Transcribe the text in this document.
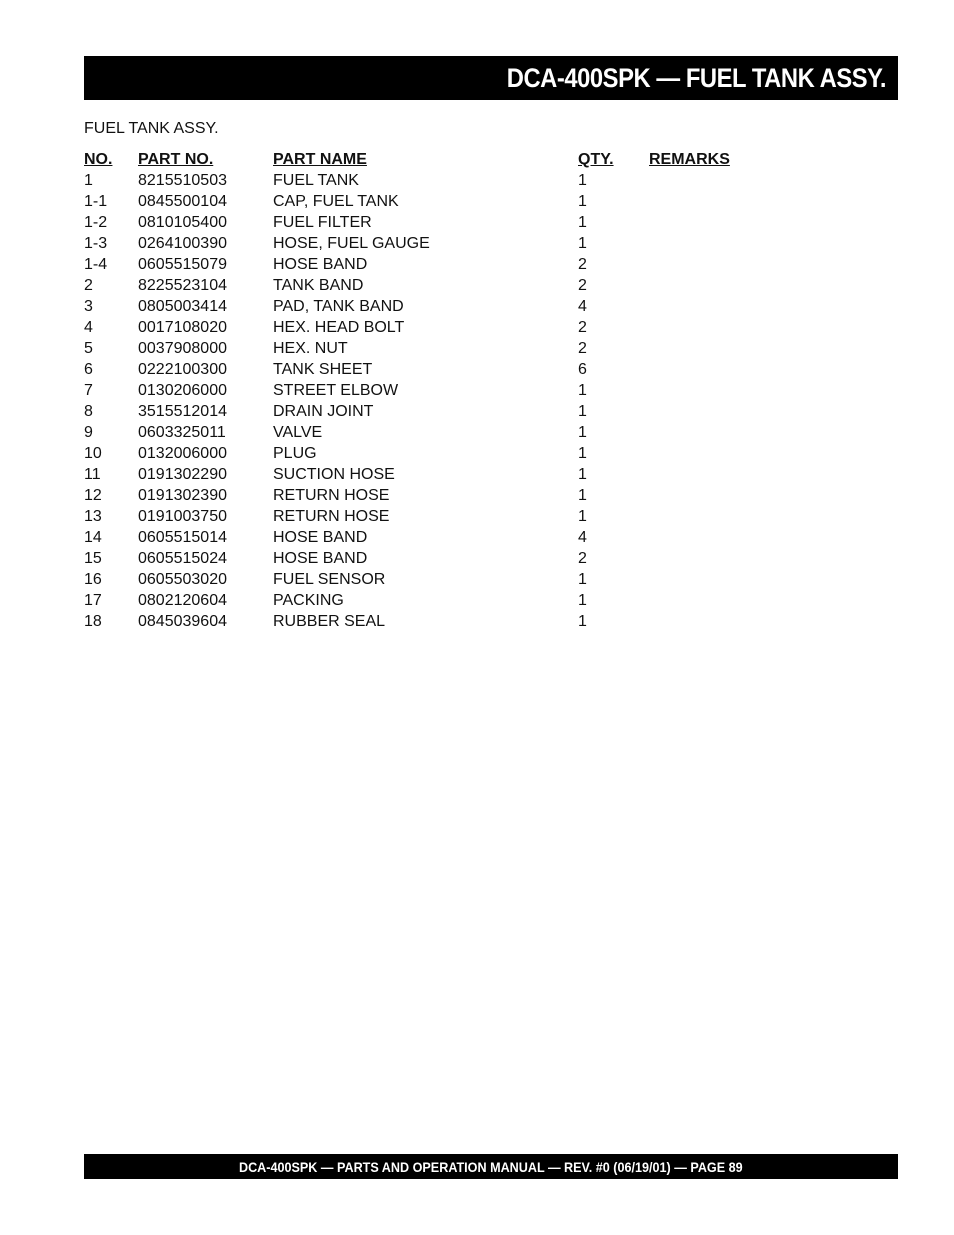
DCA-400SPK — FUEL TANK ASSY.
FUEL TANK ASSY.
NO.	PART NO.	PART NAME	QTY.	REMARKS
1	8215510503	FUEL TANK	1	
1-1	0845500104	CAP, FUEL TANK	1	
1-2	0810105400	FUEL FILTER	1	
1-3	0264100390	HOSE, FUEL GAUGE	1	
1-4	0605515079	HOSE BAND	2	
2	8225523104	TANK BAND	2	
3	0805003414	PAD, TANK BAND	4	
4	0017108020	HEX. HEAD BOLT	2	
5	0037908000	HEX. NUT	2	
6	0222100300	TANK SHEET	6	
7	0130206000	STREET ELBOW	1	
8	3515512014	DRAIN JOINT	1	
9	0603325011	VALVE	1	
10	0132006000	PLUG	1	
11	0191302290	SUCTION HOSE	1	
12	0191302390	RETURN HOSE	1	
13	0191003750	RETURN HOSE	1	
14	0605515014	HOSE BAND	4	
15	0605515024	HOSE BAND	2	
16	0605503020	FUEL SENSOR	1	
17	0802120604	PACKING	1	
18	0845039604	RUBBER SEAL	1	
DCA-400SPK — PARTS AND OPERATION MANUAL — REV. #0 (06/19/01) — PAGE 89
